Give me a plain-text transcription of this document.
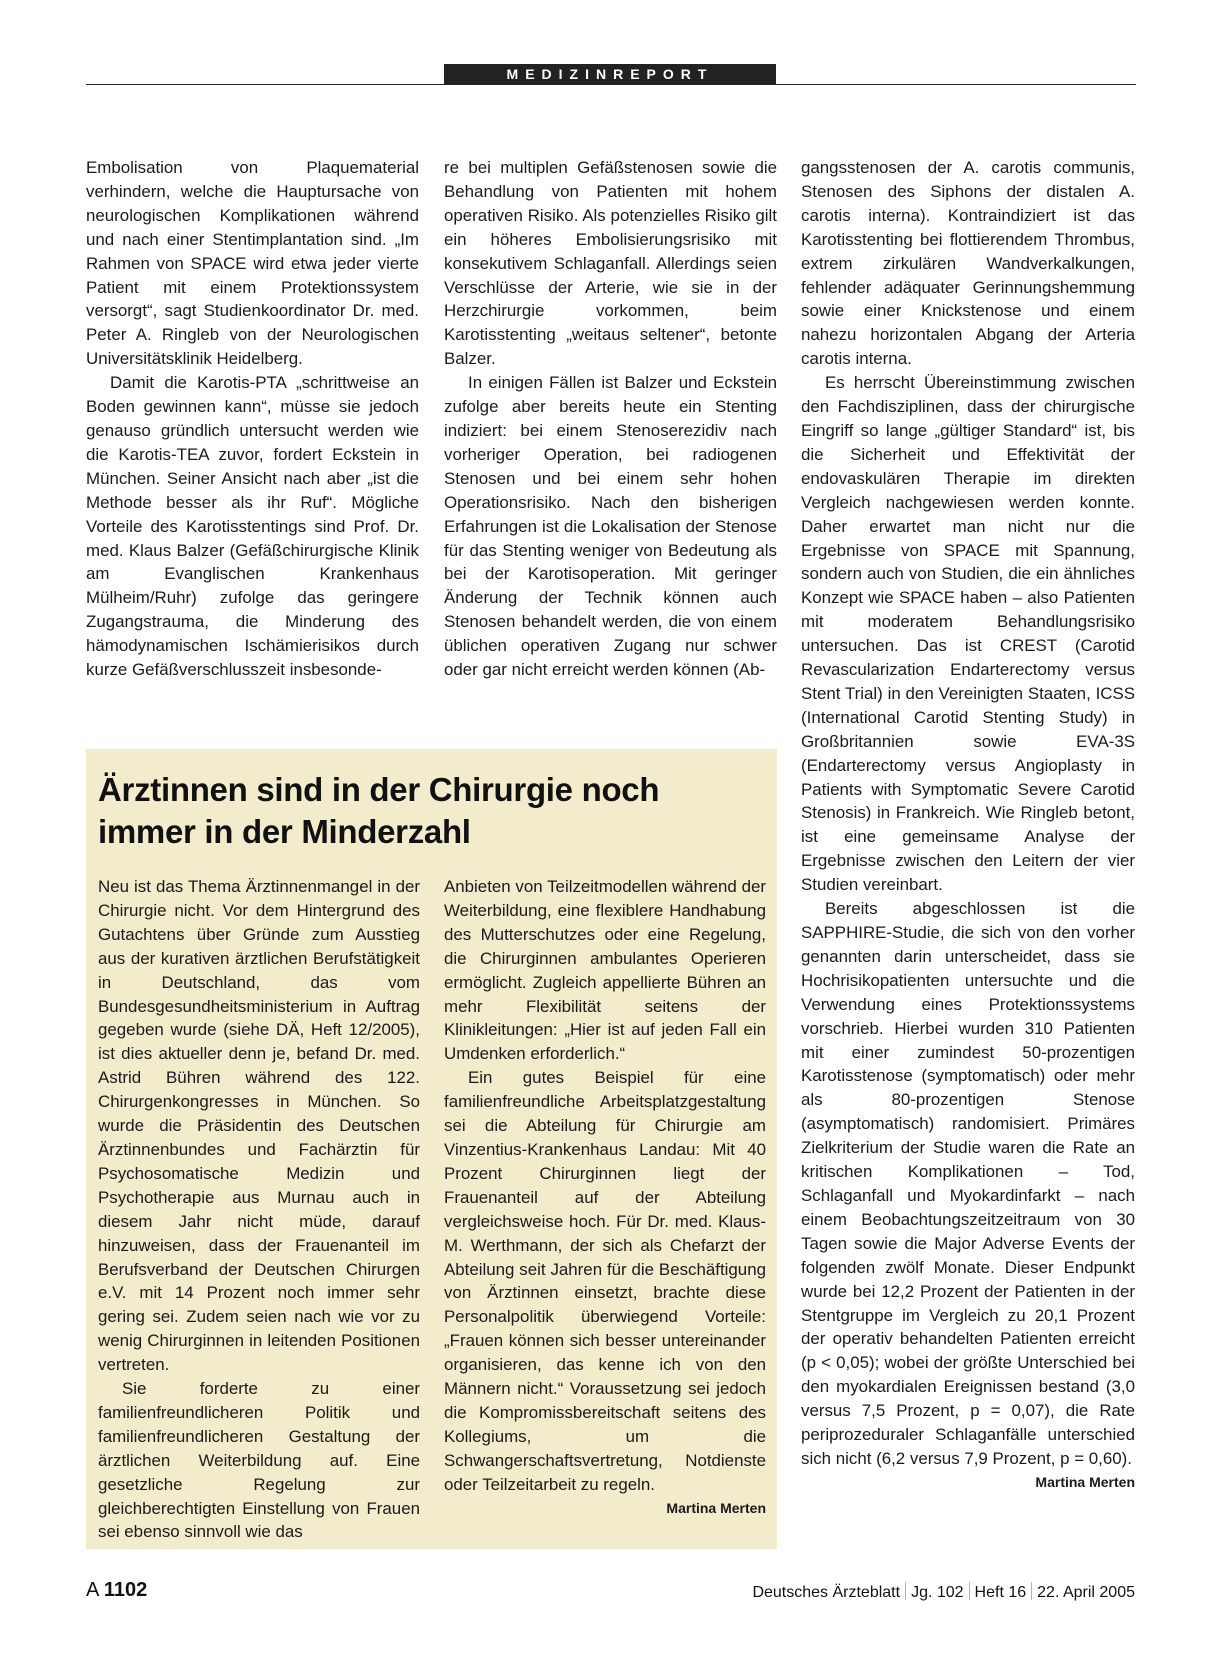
MEDIZINREPORT

Embolisation von Plaquematerial verhindern, welche die Hauptursache von neurologischen Komplikationen während und nach einer Stentimplantation sind. „Im Rahmen von SPACE wird etwa jeder vierte Patient mit einem Protektionssystem versorgt“, sagt Studienkoordinator Dr. med. Peter A. Ringleb von der Neurologischen Universitätsklinik Heidelberg.

Damit die Karotis-PTA „schrittweise an Boden gewinnen kann“, müsse sie jedoch genauso gründlich untersucht werden wie die Karotis-TEA zuvor, fordert Eckstein in München. Seiner Ansicht nach aber „ist die Methode besser als ihr Ruf“. Mögliche Vorteile des Karotisstentings sind Prof. Dr. med. Klaus Balzer (Gefäßchirurgische Klinik am Evanglischen Krankenhaus Mülheim/Ruhr) zufolge das geringere Zugangstrauma, die Minderung des hämodynamischen Ischämierisikos durch kurze Gefäßverschlusszeit insbesonde-

re bei multiplen Gefäßstenosen sowie die Behandlung von Patienten mit hohem operativen Risiko. Als potenzielles Risiko gilt ein höheres Embolisierungsrisiko mit konsekutivem Schlaganfall. Allerdings seien Verschlüsse der Arterie, wie sie in der Herzchirurgie vorkommen, beim Karotisstenting „weitaus seltener“, betonte Balzer.

In einigen Fällen ist Balzer und Eckstein zufolge aber bereits heute ein Stenting indiziert: bei einem Stenoserezidiv nach vorheriger Operation, bei radiogenen Stenosen und bei einem sehr hohen Operationsrisiko. Nach den bisherigen Erfahrungen ist die Lokalisation der Stenose für das Stenting weniger von Bedeutung als bei der Karotisoperation. Mit geringer Änderung der Technik können auch Stenosen behandelt werden, die von einem üblichen operativen Zugang nur schwer oder gar nicht erreicht werden können (Ab-

gangsstenosen der A. carotis communis, Stenosen des Siphons der distalen A. carotis interna). Kontraindiziert ist das Karotisstenting bei flottierendem Thrombus, extrem zirkulären Wandverkalkungen, fehlender adäquater Gerinnungshemmung sowie einer Knickstenose und einem nahezu horizontalen Abgang der Arteria carotis interna.

Es herrscht Übereinstimmung zwischen den Fachdisziplinen, dass der chirurgische Eingriff so lange „gültiger Standard“ ist, bis die Sicherheit und Effektivität der endovaskulären Therapie im direkten Vergleich nachgewiesen werden konnte. Daher erwartet man nicht nur die Ergebnisse von SPACE mit Spannung, sondern auch von Studien, die ein ähnliches Konzept wie SPACE haben – also Patienten mit moderatem Behandlungsrisiko untersuchen. Das ist CREST (Carotid Revascularization Endarterectomy versus Stent Trial) in den Vereinigten Staaten, ICSS (International Carotid Stenting Study) in Großbritannien sowie EVA-3S (Endarterectomy versus Angioplasty in Patients with Symptomatic Severe Carotid Stenosis) in Frankreich. Wie Ringleb betont, ist eine gemeinsame Analyse der Ergebnisse zwischen den Leitern der vier Studien vereinbart.

Bereits abgeschlossen ist die SAPPHIRE-Studie, die sich von den vorher genannten darin unterscheidet, dass sie Hochrisikopatienten untersuchte und die Verwendung eines Protektionssystems vorschrieb. Hierbei wurden 310 Patienten mit einer zumindest 50-prozentigen Karotisstenose (symptomatisch) oder mehr als 80-prozentigen Stenose (asymptomatisch) randomisiert. Primäres Zielkriterium der Studie waren die Rate an kritischen Komplikationen – Tod, Schlaganfall und Myokardinfarkt – nach einem Beobachtungszeitzeitraum von 30 Tagen sowie die Major Adverse Events der folgenden zwölf Monate. Dieser Endpunkt wurde bei 12,2 Prozent der Patienten in der Stentgruppe im Vergleich zu 20,1 Prozent der operativ behandelten Patienten erreicht (p < 0,05); wobei der größte Unterschied bei den myokardialen Ereignissen bestand (3,0 versus 7,5 Prozent, p = 0,07), die Rate periprozeduraler Schlaganfälle unterschied sich nicht (6,2 versus 7,9 Prozent, p = 0,60).
Martina Merten

Ärztinnen sind in der Chirurgie noch immer in der Minderzahl

Neu ist das Thema Ärztinnenmangel in der Chirurgie nicht. Vor dem Hintergrund des Gutachtens über Gründe zum Ausstieg aus der kurativen ärztlichen Berufstätigkeit in Deutschland, das vom Bundesgesundheitsministerium in Auftrag gegeben wurde (siehe DÄ, Heft 12/2005), ist dies aktueller denn je, befand Dr. med. Astrid Bühren während des 122. Chirurgenkongresses in München. So wurde die Präsidentin des Deutschen Ärztinnenbundes und Fachärztin für Psychosomatische Medizin und Psychotherapie aus Murnau auch in diesem Jahr nicht müde, darauf hinzuweisen, dass der Frauenanteil im Berufsverband der Deutschen Chirurgen e.V. mit 14 Prozent noch immer sehr gering sei. Zudem seien nach wie vor zu wenig Chirurginnen in leitenden Positionen vertreten.

Sie forderte zu einer familienfreundlicheren Politik und familienfreundlicheren Gestaltung der ärztlichen Weiterbildung auf. Eine gesetzliche Regelung zur gleichberechtigten Einstellung von Frauen sei ebenso sinnvoll wie das

Anbieten von Teilzeitmodellen während der Weiterbildung, eine flexiblere Handhabung des Mutterschutzes oder eine Regelung, die Chirurginnen ambulantes Operieren ermöglicht. Zugleich appellierte Bühren an mehr Flexibilität seitens der Klinikleitungen: „Hier ist auf jeden Fall ein Umdenken erforderlich.“

Ein gutes Beispiel für eine familienfreundliche Arbeitsplatzgestaltung sei die Abteilung für Chirurgie am Vinzentius-Krankenhaus Landau: Mit 40 Prozent Chirurginnen liegt der Frauenanteil auf der Abteilung vergleichsweise hoch. Für Dr. med. Klaus-M. Werthmann, der sich als Chefarzt der Abteilung seit Jahren für die Beschäftigung von Ärztinnen einsetzt, brachte diese Personalpolitik überwiegend Vorteile: „Frauen können sich besser untereinander organisieren, das kenne ich von den Männern nicht.“ Voraussetzung sei jedoch die Kompromissbereitschaft seitens des Kollegiums, um die Schwangerschaftsvertretung, Notdienste oder Teilzeitarbeit zu regeln.
Martina Merten

A 1102	Deutsches Ärzteblatt Jg. 102 Heft 16 22. April 2005
